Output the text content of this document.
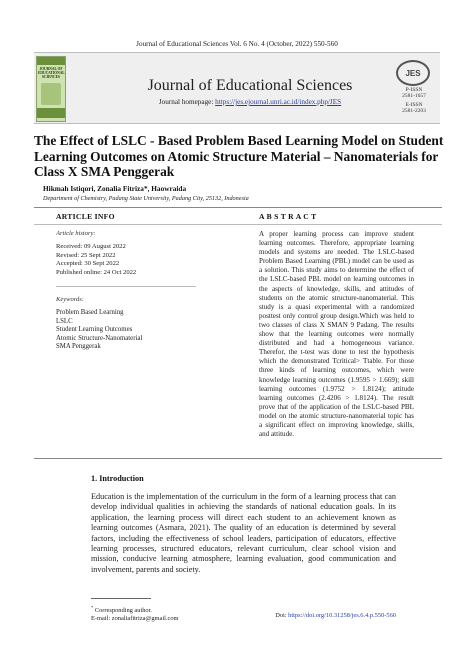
Journal of Educational Sciences Vol. 6 No. 4 (October, 2022) 550-560
JOURNAL OF EDUCATIONAL SCIENCES	Journal of Educational Sciences
Journal homepage: https://jes.ejournal.unri.ac.id/index.php/JES
JES
P-ISSN
2581-1657
E-ISSN
2581-2203
The Effect of LSLC - Based Problem Based Learning Model on Student Learning Outcomes on Atomic Structure Material – Nanomaterials for Class X SMA Penggerak
Hikmah Istiqori, Zonalia Fitriza*, Haowraida
Department of Chemistry, Padang State University, Padang City, 25132, Indonesia
ARTICLE INFO	A B S T R A C T
Article history:
Received: 09 August 2022
Revised: 25 Sept 2022
Accepted: 30 Sept 2022
Published online: 24 Oct 2022
Keywords:
Problem Based Learning
LSLC
Student Learning Outcomes
Atomic Structure-Nanomaterial
SMA Penggerak

A proper learning process can improve student learning outcomes. Therefore, appropriate learning models and systems are needed. The LSLC-based Problem Based Learning (PBL) model can be used as a solution. This study aims to determine the effect of the LSLC-based PBL model on learning outcomes in the aspects of knowledge, skills, and attitudes of students on the atomic structure-nanomaterial. This study is a quasi experimental with a randomized posttest only control group design.Which was held to two classes of class X SMAN 9 Padang. The results show that the learning outcomes were normally distributed and had a homogeneous variance. Therefor, the t-test was done to test the hypothesis which the demonstrated Tcritical> Ttable. For those three kinds of learning outcomes, which were knowledge learning outcomes (1.9595 > 1.669); skill learning outcomes (1.9752 > 1.8124); attitude learning outcomes (2.4206 > 1.8124). The result prove that of the application of the LSLC-based PBL model on the atomic structure-nanomaterial topic has a significant effect on improving knowledge, skills, and attitude.

1. Introduction

Education is the implementation of the curriculum in the form of a learning process that can develop individual qualities in achieving the standards of national education goals. In its application, the learning process will direct each student to an achievement known as learning outcomes (Asmara, 2021). The quality of an education is determined by several factors, including the effectiveness of school leaders, participation of educators, effective learning processes, structured educators, relevant curriculum, clear school vision and mission, conducive learning atmosphere, learning evaluation, good communication and involvement, parents and society.

* Corresponding author.
E-mail: zonaliafitriza@gmail.com	Doi: https://doi.org/10.31258/jes.6.4.p.550-560
